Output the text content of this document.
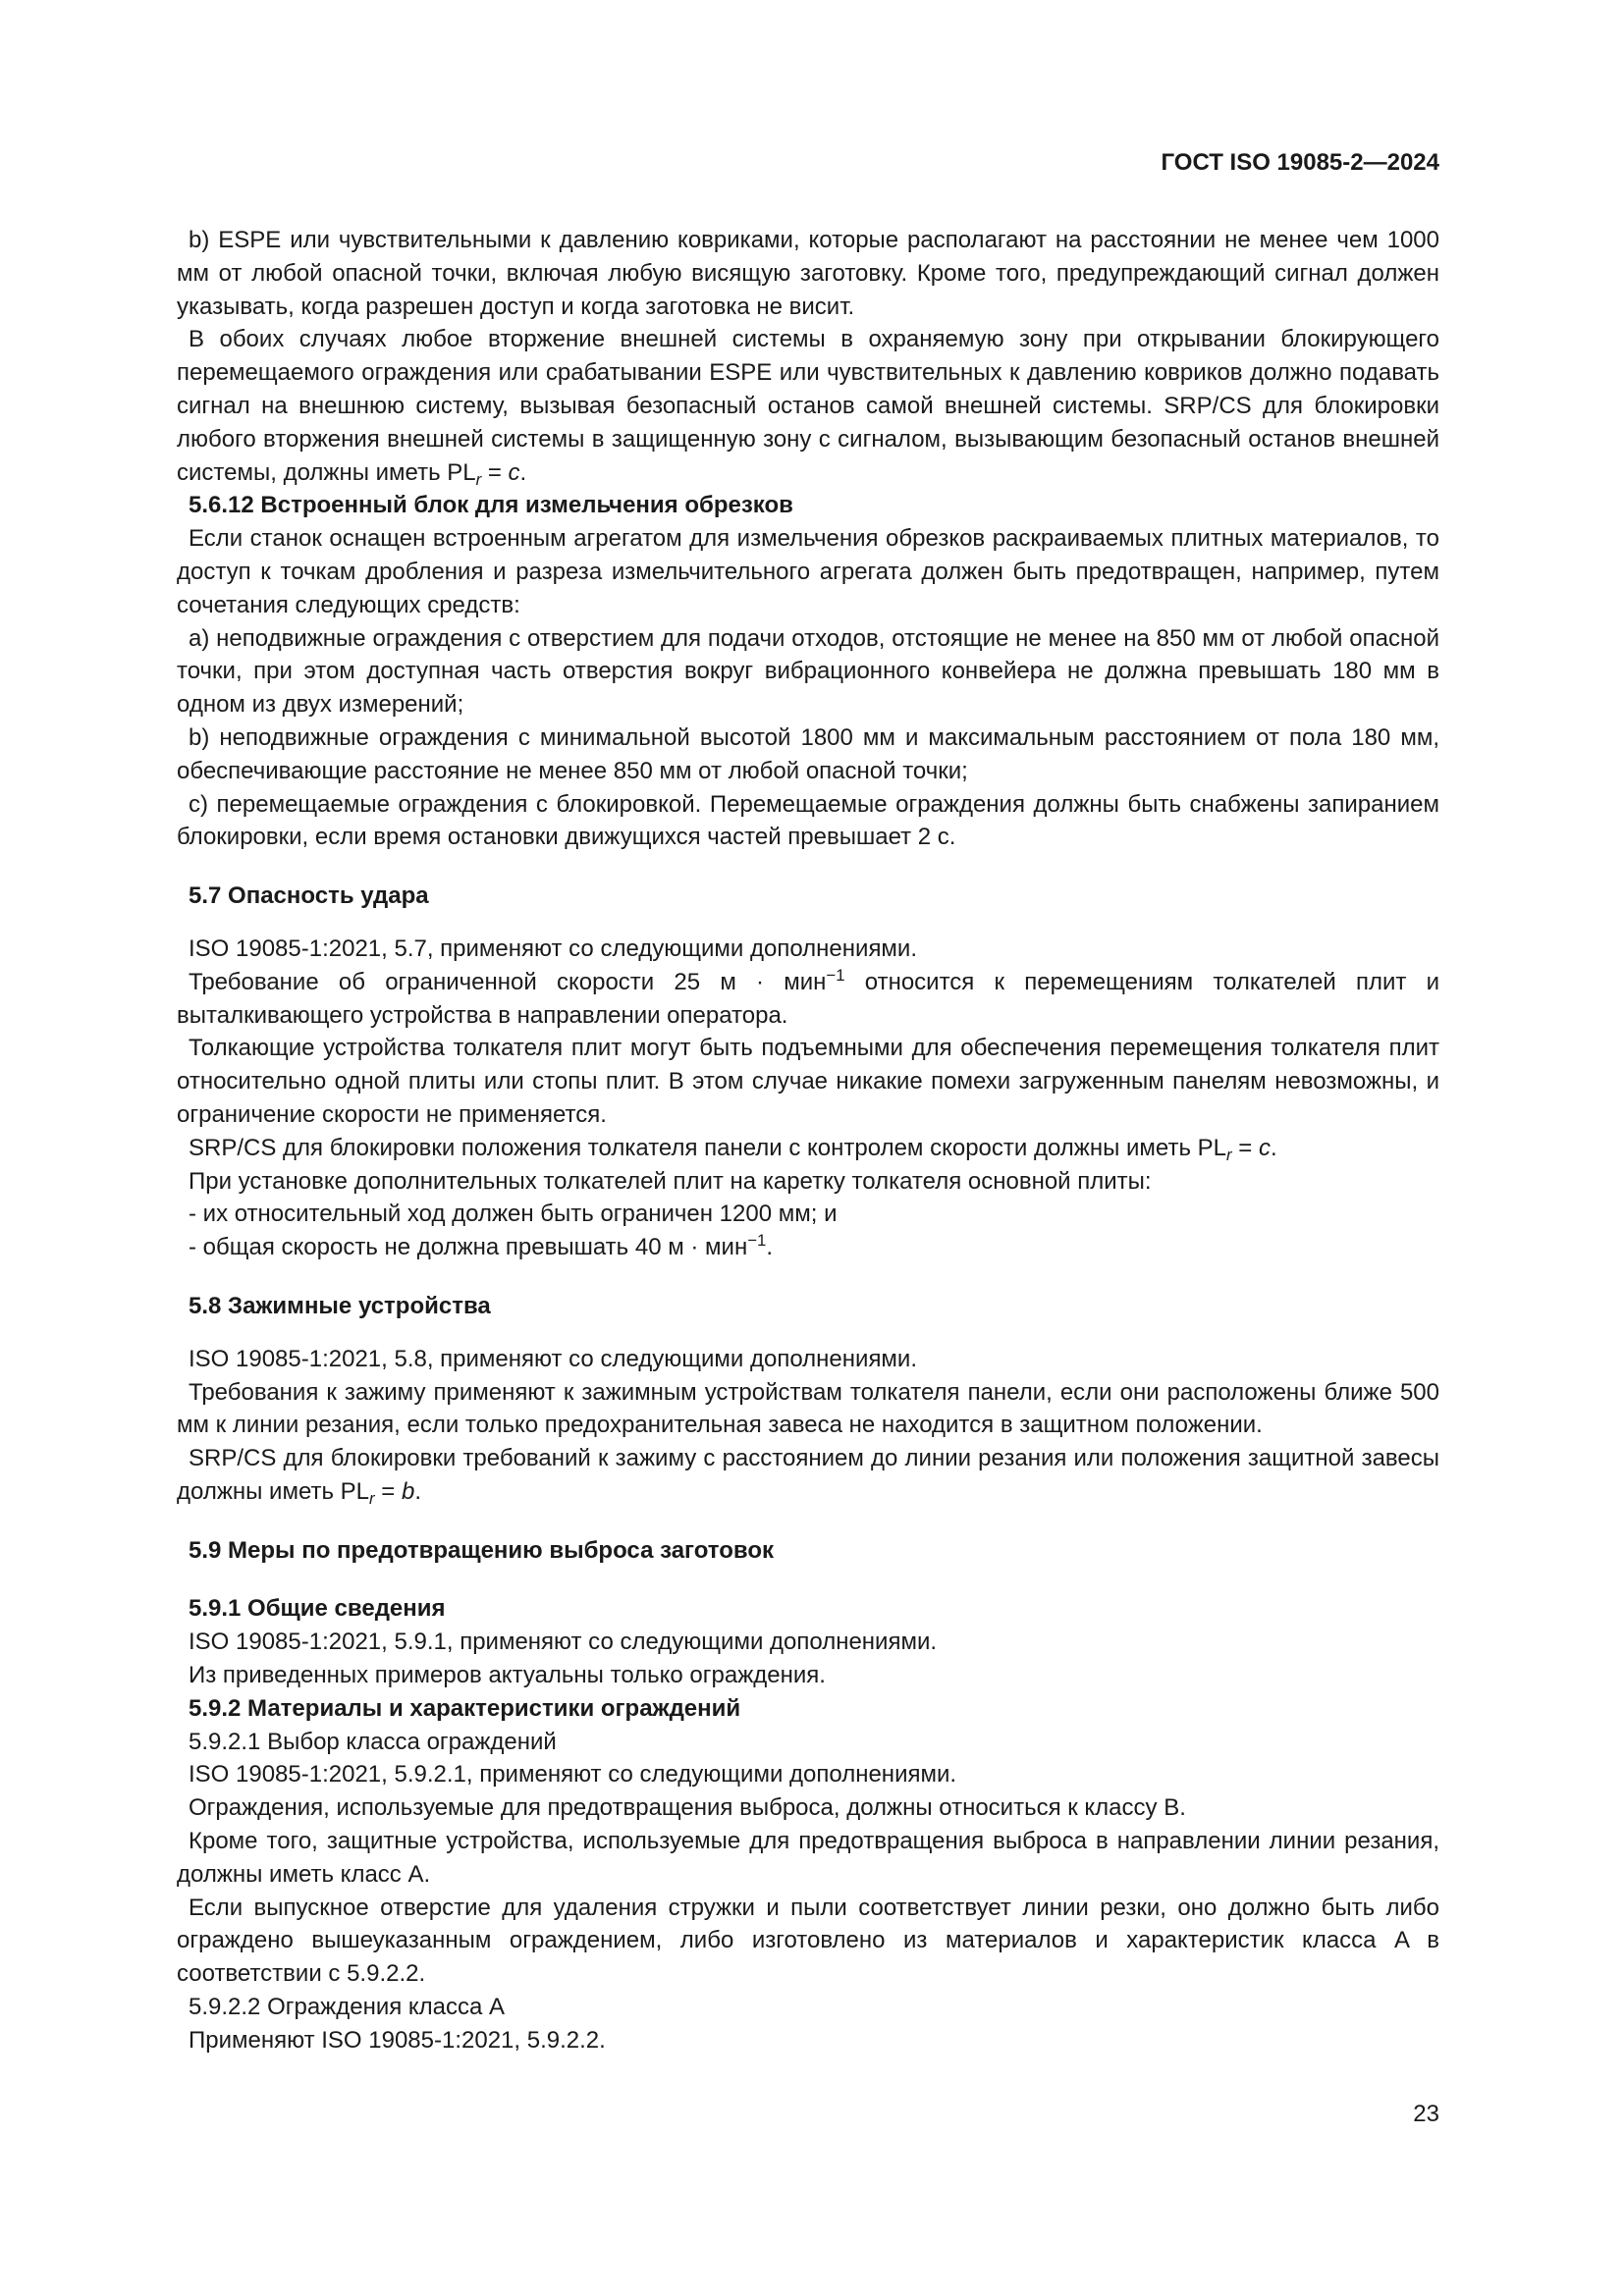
ГОСТ ISO 19085-2—2024

b) ESPE или чувствительными к давлению ковриками, которые располагают на расстоянии не менее чем 1000 мм от любой опасной точки, включая любую висящую заготовку. Кроме того, предупреждающий сигнал должен указывать, когда разрешен доступ и когда заготовка не висит.

В обоих случаях любое вторжение внешней системы в охраняемую зону при открывании блокирующего перемещаемого ограждения или срабатывании ESPE или чувствительных к давлению ковриков должно подавать сигнал на внешнюю систему, вызывая безопасный останов самой внешней системы. SRP/CS для блокировки любого вторжения внешней системы в защищенную зону с сигналом, вызывающим безопасный останов внешней системы, должны иметь $PL_r = c$.

5.6.12 Встроенный блок для измельчения обрезков

Если станок оснащен встроенным агрегатом для измельчения обрезков раскраиваемых плитных материалов, то доступ к точкам дробления и разреза измельчительного агрегата должен быть предотвращен, например, путем сочетания следующих средств:

a) неподвижные ограждения с отверстием для подачи отходов, отстоящие не менее на 850 мм от любой опасной точки, при этом доступная часть отверстия вокруг вибрационного конвейера не должна превышать 180 мм в одном из двух измерений;

b) неподвижные ограждения с минимальной высотой 1800 мм и максимальным расстоянием от пола 180 мм, обеспечивающие расстояние не менее 850 мм от любой опасной точки;

c) перемещаемые ограждения с блокировкой. Перемещаемые ограждения должны быть снабжены запиранием блокировки, если время остановки движущихся частей превышает 2 с.

5.7 Опасность удара

ISO 19085-1:2021, 5.7, применяют со следующими дополнениями.

Требование об ограниченной скорости 25 м · мин$^{-1}$ относится к перемещениям толкателей плит и выталкивающего устройства в направлении оператора.

Толкающие устройства толкателя плит могут быть подъемными для обеспечения перемещения толкателя плит относительно одной плиты или стопы плит. В этом случае никакие помехи загруженным панелям невозможны, и ограничение скорости не применяется.

SRP/CS для блокировки положения толкателя панели с контролем скорости должны иметь $PL_r = c$.

При установке дополнительных толкателей плит на каретку толкателя основной плиты:

- их относительный ход должен быть ограничен 1200 мм; и

- общая скорость не должна превышать 40 м · мин$^{-1}$.

5.8 Зажимные устройства

ISO 19085-1:2021, 5.8, применяют со следующими дополнениями.

Требования к зажиму применяют к зажимным устройствам толкателя панели, если они расположены ближе 500 мм к линии резания, если только предохранительная завеса не находится в защитном положении.

SRP/CS для блокировки требований к зажиму с расстоянием до линии резания или положения защитной завесы должны иметь $PL_r = b$.

5.9 Меры по предотвращению выброса заготовок
5.9.1 Общие сведения

ISO 19085-1:2021, 5.9.1, применяют со следующими дополнениями.

Из приведенных примеров актуальны только ограждения.

5.9.2 Материалы и характеристики ограждений

5.9.2.1 Выбор класса ограждений

ISO 19085-1:2021, 5.9.2.1, применяют со следующими дополнениями.

Ограждения, используемые для предотвращения выброса, должны относиться к классу B.

Кроме того, защитные устройства, используемые для предотвращения выброса в направлении линии резания, должны иметь класс A.

Если выпускное отверстие для удаления стружки и пыли соответствует линии резки, оно должно быть либо ограждено вышеуказанным ограждением, либо изготовлено из материалов и характеристик класса A в соответствии с 5.9.2.2.

5.9.2.2 Ограждения класса A

Применяют ISO 19085-1:2021, 5.9.2.2.

23
